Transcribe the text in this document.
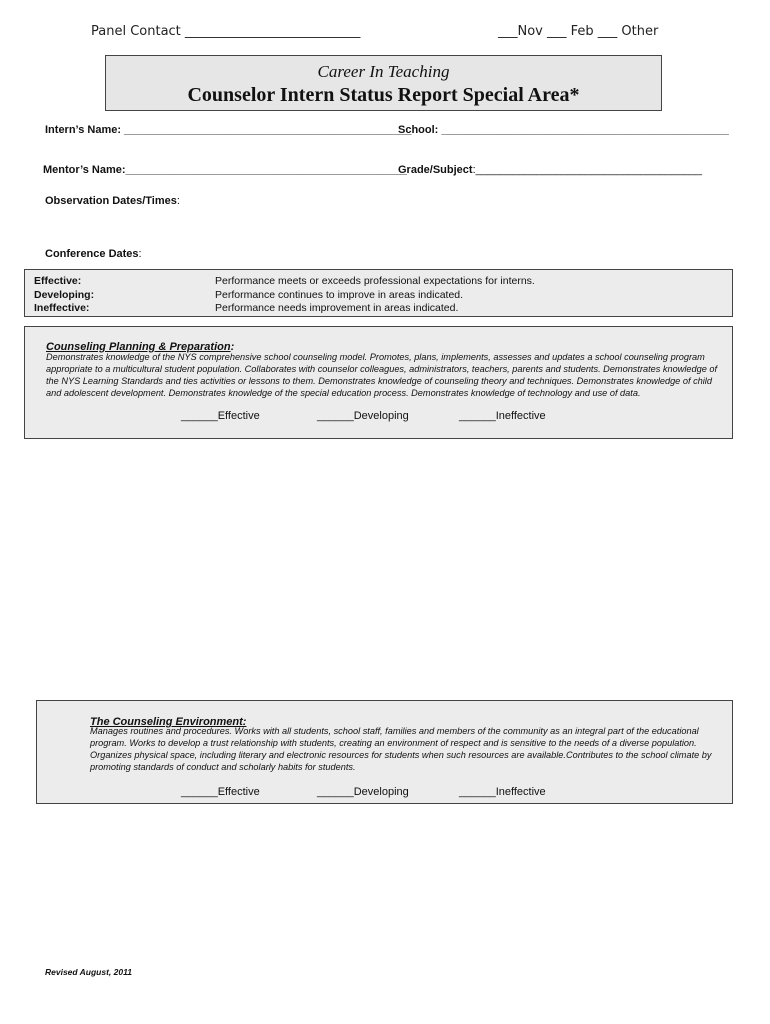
Panel Contact ___________________________	___Nov ___ Feb ___ Other
Career In Teaching
Counselor Intern Status Report Special Area*
Intern’s Name: _______________________________________________
School: _______________________________________________
Mentor’s Name:______________________________________________
Grade/Subject:_____________________________________
Observation Dates/Times:
Conference Dates:
Effective:	Performance meets or exceeds professional expectations for interns.
Developing:	Performance continues to improve in areas indicated.
Ineffective:	Performance needs improvement in areas indicated.
Counseling Planning & Preparation:
Demonstrates knowledge of the NYS comprehensive school counseling model. Promotes, plans, implements, assesses and updates a school counseling program appropriate to a multicultural student population. Collaborates with counselor colleagues, administrators, teachers, parents and students. Demonstrates knowledge of the NYS Learning Standards and ties activities or lessons to them. Demonstrates knowledge of counseling theory and techniques. Demonstrates knowledge of child and adolescent development. Demonstrates knowledge of the special education process. Demonstrates knowledge of technology and use of data.
______Effective	______Developing	______Ineffective
The Counseling Environment:
Manages routines and procedures. Works with all students, school staff, families and members of the community as an integral part of the educational program. Works to develop a trust relationship with students, creating an environment of respect and is sensitive to the needs of a diverse population. Organizes physical space, including literary and electronic resources for students when such resources are available.Contributes to the school climate by promoting standards of conduct and scholarly habits for students.
______Effective	______Developing	______Ineffective
Revised August, 2011
